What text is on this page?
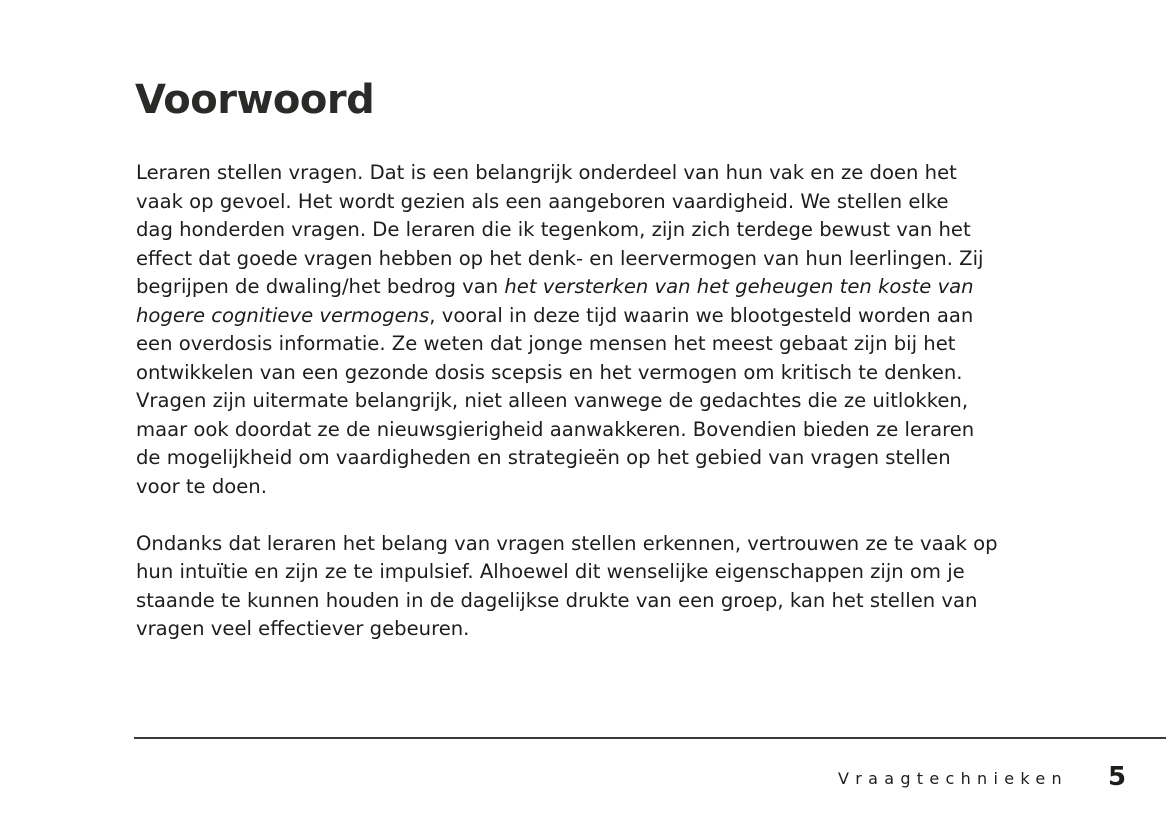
Voorwoord
Leraren stellen vragen. Dat is een belangrijk onderdeel van hun vak en ze doen het
vaak op gevoel. Het wordt gezien als een aangeboren vaardigheid. We stellen elke
dag honderden vragen. De leraren die ik tegenkom, zijn zich terdege bewust van het
effect dat goede vragen hebben op het denk- en leervermogen van hun leerlingen. Zij
begrijpen de dwaling/het bedrog van het versterken van het geheugen ten koste van
hogere cognitieve vermogens, vooral in deze tijd waarin we blootgesteld worden aan
een overdosis informatie. Ze weten dat jonge mensen het meest gebaat zijn bij het
ontwikkelen van een gezonde dosis scepsis en het vermogen om kritisch te denken.
Vragen zijn uitermate belangrijk, niet alleen vanwege de gedachtes die ze uitlokken,
maar ook doordat ze de nieuwsgierigheid aanwakkeren. Bovendien bieden ze leraren
de mogelijkheid om vaardigheden en strategieën op het gebied van vragen stellen
voor te doen.
Ondanks dat leraren het belang van vragen stellen erkennen, vertrouwen ze te vaak op
hun intuïtie en zijn ze te impulsief. Alhoewel dit wenselijke eigenschappen zijn om je
staande te kunnen houden in de dagelijkse drukte van een groep, kan het stellen van
vragen veel effectiever gebeuren.
Vraagtechnieken 5
